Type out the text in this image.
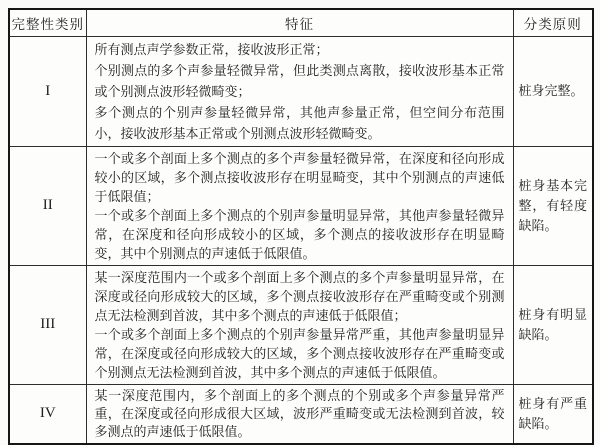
完整性类别	特征	分类原则
I	所有测点声学参数正常，接收波形正常；

个别测点的多个声参量轻微异常，但此类测点离散，接收波形基本正常或个别测点波形轻微畸变；

多个测点的个别声参量轻微异常，其他声参量正常，但空间分布范围小，接收波形基本正常或个别测点波形轻微畸变。	桩身完整。
II	一个或多个剖面上多个测点的多个声参量轻微异常，在深度和径向形成较小的区域，多个测点接收波形存在明显畸变，其中个别测点的声速低于低限值；

一个或多个剖面上多个测点的个别声参量明显异常，其他声参量轻微异常，在深度和径向形成较小的区域，多个测点的接收波形存在明显畸变，其中个别测点的声速低于低限值。	桩身基本完整，有轻度缺陷。
III	某一深度范围内一个或多个剖面上多个测点的多个声参量明显异常，在深度或径向形成较大的区域，多个测点接收波形存在严重畸变或个别测点无法检测到首波，其中多个测点的声速低于低限值；

一个或多个剖面上多个测点的个别声参量异常严重，其他声参量明显异常，在深度或径向形成较大的区域，多个测点接收波形存在严重畸变或个别测点无法检测到首波，其中多个测点的声速低于低限值。	桩身有明显缺陷。
IV	某一深度范围内，多个剖面上的多个测点的个别或多个声参量异常严重，在深度或径向形成很大区域，波形严重畸变或无法检测到首波，较多测点的声速低于低限值。	桩身有严重缺陷。
